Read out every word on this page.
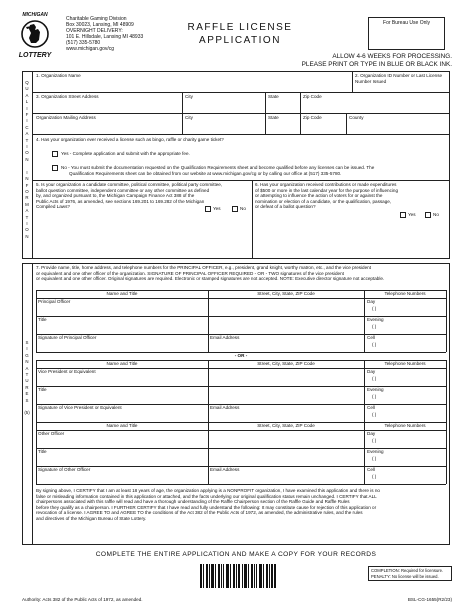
MICHIGAN
LOTTERY
Charitable Gaming Division
Box 30023, Lansing, MI 48909
OVERNIGHT DELIVERY:
101 E. Hillsdale, Lansing MI 48933
(517) 335-5780
www.michigan.gov/cg
RAFFLE LICENSE
APPLICATION
For Bureau Use Only
ALLOW 4-6 WEEKS FOR PROCESSING.
PLEASE PRINT OR TYPE IN BLUE OR BLACK INK.
Q
U
A
L
I
F
I
C
A
T
I
O
N

I
N
F
O
R
M
A
T
I
O
N
1. Organization Name	2. Organization ID Number or Last License Number Issued
3. Organization Street Address	City	State	Zip Code
Organization Mailing Address	City	State	Zip Code	County
4. Has your organization ever received a license such as bingo, raffle or charity game ticket?
Yes - Complete application and submit with the appropriate fee.
No - You must submit the documentation requested on the Qualification Requirements sheet and become qualified before any licenses can be issued. The
Qualification Requirements sheet can be obtained from our website at www.michigan.gov/cg or by calling our office at (517) 335-5780.
5. Is your organization a candidate committee, political committee, political party committee,
ballot question committee, independent committee or any other committee as defined
by, and organized pursuant to, the Michigan Campaign Finance Act 388 of the
Public Acts of 1976, as amended, see sections 169.201 to 169.282 of the Michigan
Compiled Laws?	Yes	No
6. Has your organization received contributions or made expenditures
of $500 or more in the last calendar year for the purpose of influencing
or attempting to influence the action of voters for or against the
nomination or election of a candidate, or the qualification, passage,
or defeat of a ballot question?
Yes	No
S
I
G
N
A
T
U
R
E
S

(5)
7. Provide name, title, home address, and telephone numbers for the PRINCIPAL OFFICER, e.g., president, grand knight, worthy matron, etc., and the vice president
or equivalent and one other officer of the organization. SIGNATURE OF PRINCIPAL OFFICER REQUIRED - OR - TWO signatures of the vice president
or equivalent and one other officer. Original signatures are required. Electronic or stamped signatures are not accepted. NOTE: Executive director signature not acceptable.
Name and Title	Street, City, State, ZIP Code	Telephone Numbers
Principal Officer	Day
( )
Title	Evening
( )
Signature of Principal Officer	Email Address	Cell
( )
- OR -
Name and Title	Street, City, State, ZIP Code	Telephone Numbers
Vice President or Equivalent	Day
( )
Title	Evening
( )
Signature of Vice President or Equivalent	Email Address	Cell
( )
Name and Title	Street, City, State, ZIP Code	Telephone Numbers
Other Officer	Day
( )
Title	Evening
( )
Signature of Other Officer	Email Address	Cell
( )
By signing above, I CERTIFY that I am at least 18 years of age, the organization applying is a NONPROFIT organization, I have examined this application and there is no
false or misleading information contained in this application or attached, and the facts underlying our original qualification status remain unchanged. I CERTIFY that ALL
chairpersons associated with this raffle will read and have a thorough understanding of the Raffle Chairperson section of the Raffle Guide and Raffle Rules
before they qualify as a chairperson. I FURTHER CERTIFY that I have read and fully understand the following: It may constitute cause for rejection of this application or
revocation of a license. I AGREE TO and AGREE TO the conditions of the Act 382 of the Public Acts of 1972, as amended, the administrative rules, and the rules
and directives of the Michigan Bureau of State Lottery.
COMPLETE THE ENTIRE APPLICATION AND MAKE A COPY FOR YOUR RECORDS
COMPLETION: Required for licensure.
PENALTY: No license will be issued.
Authority: Acts 382 of the Public Acts of 1972, as amended.	BSL-CG-1655(R2/23)
